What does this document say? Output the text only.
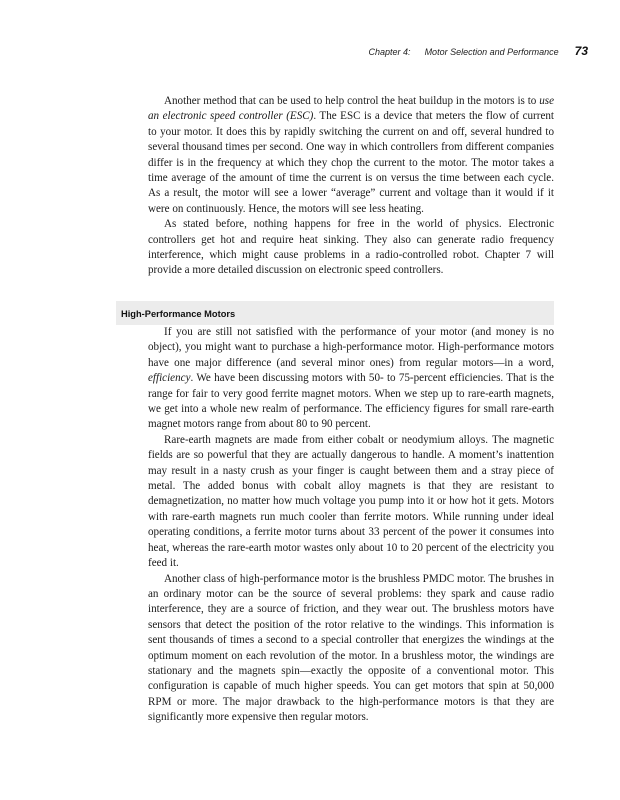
Chapter 4: Motor Selection and Performance 73

Another method that can be used to help control the heat buildup in the motors is to use an electronic speed controller (ESC). The ESC is a device that meters the flow of current to your motor. It does this by rapidly switching the current on and off, several hundred to several thousand times per second. One way in which controllers from different companies differ is in the frequency at which they chop the current to the motor. The motor takes a time average of the amount of time the current is on versus the time between each cycle. As a result, the motor will see a lower “average” current and voltage than it would if it were on continuously. Hence, the motors will see less heating.

As stated before, nothing happens for free in the world of physics. Electronic controllers get hot and require heat sinking. They also can generate radio frequency interference, which might cause problems in a radio-controlled robot. Chapter 7 will provide a more detailed discussion on electronic speed controllers.

High-Performance Motors

If you are still not satisfied with the performance of your motor (and money is no object), you might want to purchase a high-performance motor. High-performance motors have one major difference (and several minor ones) from regular motors—in a word, efficiency. We have been discussing motors with 50- to 75-percent efficiencies. That is the range for fair to very good ferrite magnet motors. When we step up to rare-earth magnets, we get into a whole new realm of performance. The efficiency figures for small rare-earth magnet motors range from about 80 to 90 percent.

Rare-earth magnets are made from either cobalt or neodymium alloys. The magnetic fields are so powerful that they are actually dangerous to handle. A moment’s inattention may result in a nasty crush as your finger is caught between them and a stray piece of metal. The added bonus with cobalt alloy magnets is that they are resistant to demagnetization, no matter how much voltage you pump into it or how hot it gets. Motors with rare-earth magnets run much cooler than ferrite motors. While running under ideal operating conditions, a ferrite motor turns about 33 percent of the power it consumes into heat, whereas the rare-earth motor wastes only about 10 to 20 percent of the electricity you feed it.

Another class of high-performance motor is the brushless PMDC motor. The brushes in an ordinary motor can be the source of several problems: they spark and cause radio interference, they are a source of friction, and they wear out. The brushless motors have sensors that detect the position of the rotor relative to the windings. This information is sent thousands of times a second to a special controller that energizes the windings at the optimum moment on each revolution of the motor. In a brushless motor, the windings are stationary and the magnets spin—exactly the opposite of a conventional motor. This configuration is capable of much higher speeds. You can get motors that spin at 50,000 RPM or more. The major drawback to the high-performance motors is that they are significantly more expensive then regular motors.
